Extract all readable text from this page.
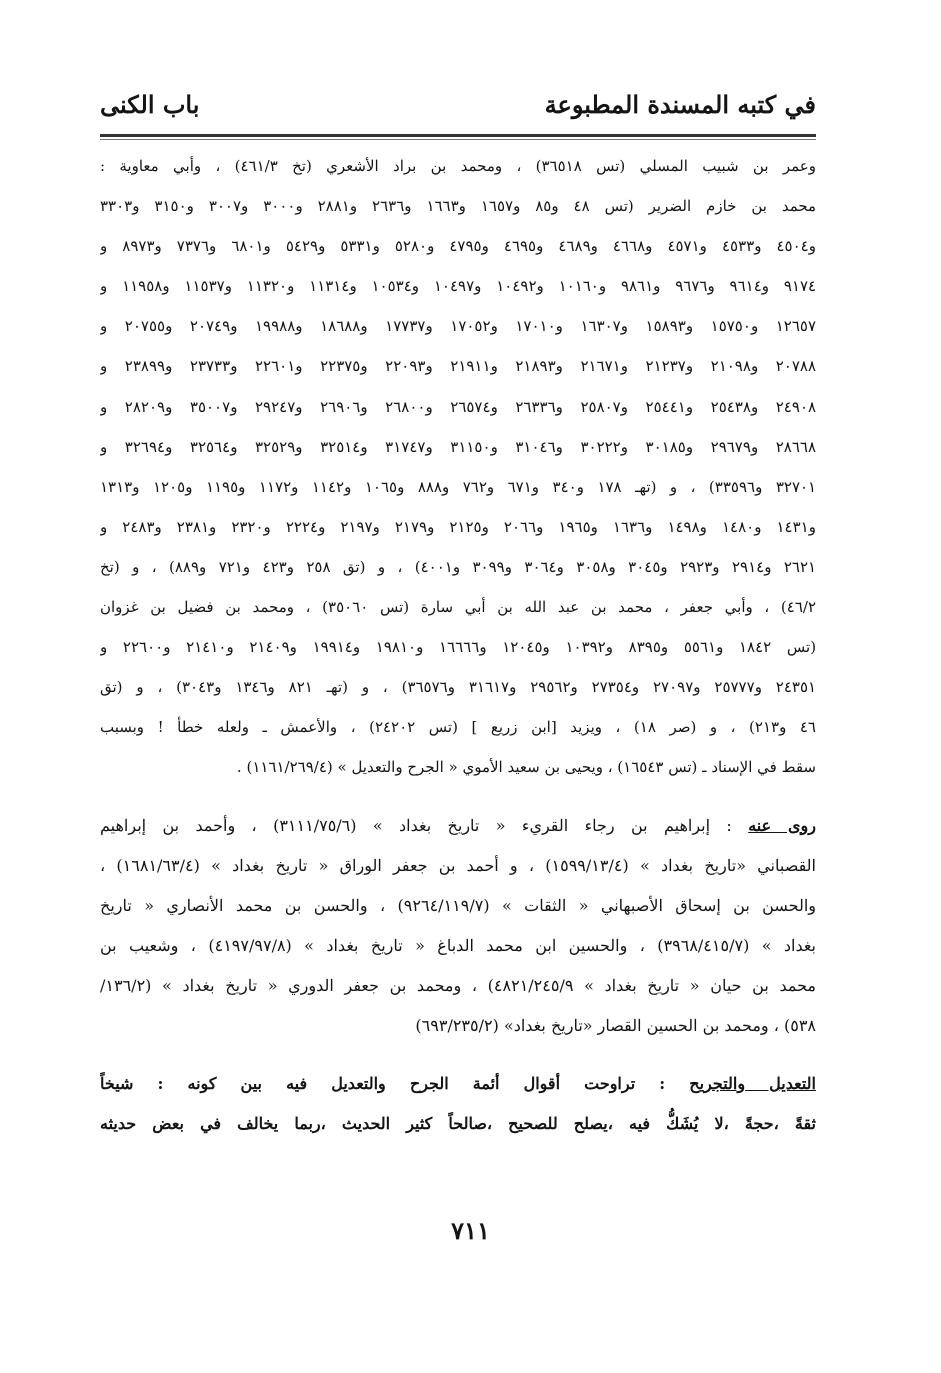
في كتبه المسندة المطبوعة
باب الكنى
وعمر بن شبيب المسلي (تس ٣٦٥١٨) ، ومحمد بن براد الأشعري (تخ ٤٦١/٣) ، وأبي معاوية :
محمد بن خازم الضرير (تس ٤٨ و٨٥ و١٦٥٧ و١٦٦٣ و٢٦٣٦ و٢٨٨١ و٣٠٠٠ و٣٠٠٧ و٣١٥٠ و٣٣٠٣
و٤٥٠٤ و٤٥٣٣ و٤٥٧١ و٤٦٦٨ و٤٦٨٩ و٤٦٩٥ و٤٧٩٥ و٥٢٨٠ و٥٣٣١ و٥٤٢٩ و٦٨٠١ و٧٣٧٦ و٨٩٧٣ و
٩١٧٤ و٩٦١٤ و٩٦٧٦ و٩٨٦١ و١٠١٦٠ و١٠٤٩٢ و١٠٤٩٧ و١٠٥٣٤ و١١٣١٤ و١١٣٢٠ و١١٥٣٧ و١١٩٥٨ و
١٢٦٥٧ و١٥٧٥٠ و١٥٨٩٣ و١٦٣٠٧ و١٧٠١٠ و١٧٠٥٢ و١٧٧٣٧ و١٨٦٨٨ و١٩٩٨٨ و٢٠٧٤٩ و٢٠٧٥٥ و
٢٠٧٨٨ و٢١٠٩٨ و٢١٢٣٧ و٢١٦٧١ و٢١٨٩٣ و٢١٩١١ و٢٢٠٩٣ و٢٢٣٧٥ و٢٢٦٠١ و٢٣٧٣٣ و٢٣٨٩٩ و
٢٤٩٠٨ و٢٥٤٣٨ و٢٥٤٤١ و٢٥٨٠٧ و٢٦٣٣٦ و٢٦٥٧٤ و٢٦٨٠٠ و٢٦٩٠٦ و٢٩٢٤٧ و٣٥٠٠٧ و٢٨٢٠٩ و
٢٨٦٦٨ و٢٩٦٧٩ و٣٠١٨٥ و٣٠٢٢٢ و٣١٠٤٦ و٣١١٥٠ و٣١٧٤٧ و٣٢٥١٤ و٣٢٥٢٩ و٣٢٥٦٤ و٣٢٦٩٤ و
٣٢٧٠١ و٣٣٥٩٦) ، و (تهـ ١٧٨ و٣٤٠ و٦٧١ و٧٦٢ و٨٨٨ و١٠٦٥ و١١٤٢ و١١٧٢ و١١٩٥ و١٢٠٥ و١٣١٣
و١٤٣١ و١٤٨٠ و١٤٩٨ و١٦٣٦ و١٩٦٥ و٢٠٦٦ و٢١٢٥ و٢١٧٩ و٢١٩٧ و٢٢٢٤ و٢٣٢٠ و٢٣٨١ و٢٤٨٣ و
٢٦٢١ و٢٩١٤ و٢٩٢٣ و٣٠٤٥ و٣٠٥٨ و٣٠٦٤ و٣٠٩٩ و٤٠٠١) ، و (تق ٢٥٨ و٤٢٣ و٧٢١ و٨٨٩) ، و (تخ
٤٦/٢) ، وأبي جعفر ، محمد بن عبد الله بن أبي سارة (تس ٣٥٠٦٠) ، ومحمد بن فضيل بن غزوان
(تس ١٨٤٢ و٥٥٦١ و٨٣٩٥ و١٠٣٩٢ و١٢٠٤٥ و١٦٦٦٦ و١٩٨١٠ و١٩٩١٤ و٢١٤٠٩ و٢١٤١٠ و٢٢٦٠٠ و
٢٤٣٥١ و٢٥٧٧٧ و٢٧٠٩٧ و٢٧٣٥٤ و٢٩٥٦٢ و٣١٦١٧ و٣٦٥٧٦) ، و (تهـ ٨٢١ و١٣٤٦ و٣٠٤٣) ، و (تق
٤٦ و٢١٣) ، و (صر ١٨) ، ويزيد [ابن زريع ] (تس ٢٤٢٠٢) ، والأعمش ـ ولعله خطأ ! وبسبب
سقط في الإسناد ـ (تس ١٦٥٤٣) ، ويحيى بن سعيد الأموي « الجرح والتعديل » (١١٦١/٢٦٩/٤) .
روى عنه : إبراهيم بن رجاء القريء « تاريخ بغداد » (٣١١١/٧٥/٦) ، وأحمد بن إبراهيم
القصباني «تاريخ بغداد » (١٥٩٩/١٣/٤) ، و أحمد بن جعفر الوراق « تاريخ بغداد » (١٦٨١/٦٣/٤) ،
والحسن بن إسحاق الأصبهاني « الثقات » (٩٢٦٤/١١٩/٧) ، والحسن بن محمد الأنصاري « تاريخ
بغداد » (٣٩٦٨/٤١٥/٧) ، والحسين ابن محمد الدباغ « تاريخ بغداد » (٤١٩٧/٩٧/٨) ، وشعيب بن
محمد بن حيان « تاريخ بغداد » ٤٨٢١/٢٤٥/٩) ، ومحمد بن جعفر الدوري « تاريخ بغداد » (١٣٦/٢/
٥٣٨) ، ومحمد بن الحسين القصار «تاريخ بغداد» (٦٩٣/٢٣٥/٢)
التعديل والتجريح : تراوحت أقوال أئمة الجرح والتعديل فيه بين كونه : شيخاً
ثقةً ،حجةً ،لا يُشَكُّ فيه ،يصلح للصحيح ،صالحاً كثير الحديث ،ربما يخالف في بعض حديثه
٧١١
